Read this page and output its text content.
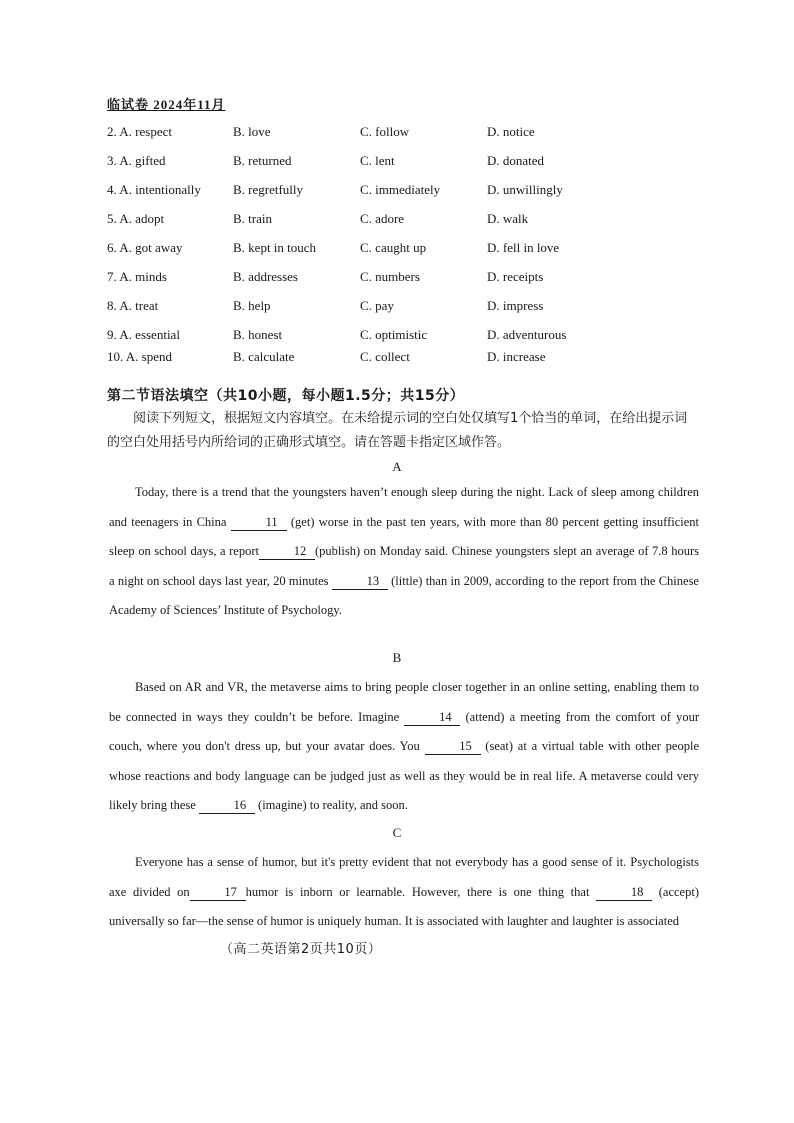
临试卷 2024年11月
2. A. respect	B. love	C. follow	D. notice
3. A. gifted	B. returned	C. lent	D. donated
4. A. intentionally B. regretfully	C. immediately	D. unwillingly
5. A. adopt	B. train	C. adore	D. walk
6. A. got away	B. kept in touch	C. caught up	D. fell in love
7. A. minds	B. addresses	C. numbers	D. receipts
8. A. treat	B. help	C. pay	D. impress
9. A. essential	B. honest	C. optimistic	D. adventurous
10. A. spend	B. calculate	C. collect	D. increase
第二节语法填空（共10小题，每小题1.5分；共15分）
阅读下列短文，根据短文内容填空。在未给提示词的空白处仅填写1个恰当的单词，在给出提示词的空白处用括号内所给词的正确形式填空。请在答题卡指定区域作答。
A

Today, there is a trend that the youngsters haven’t enough sleep during the night. Lack of sleep among children and teenagers in China	11 (get) worse in the past ten years, with more than 80 percent getting insufficient sleep on school days, a report	12 (publish) on Monday said. Chinese youngsters slept an average of 7.8 hours a night on school days last year, 20 minutes	13 (little) than in 2009, according to the report from the Chinese Academy of Sciences’ Institute of Psychology.

B

Based on AR and VR, the metaverse aims to bring people closer together in an online setting, enabling them to be connected in ways they couldn’t be before. Imagine	14 (attend) a meeting from the comfort of your couch, where you don't dress up, but your avatar does. You	15 (seat) at a virtual table with other people whose reactions and body language can be judged just as well as they would be in real life. A metaverse could very likely bring these	16 (imagine) to reality, and soon.

C

Everyone has a sense of humor, but it's pretty evident that not everybody has a good sense of it. Psychologists axe divided on	17 humor is inborn or learnable. However, there is one thing that	18 (accept) universally so far—the sense of humor is uniquely human. It is associated with laughter and laughter is associated

（高二英语第2页共10页）
